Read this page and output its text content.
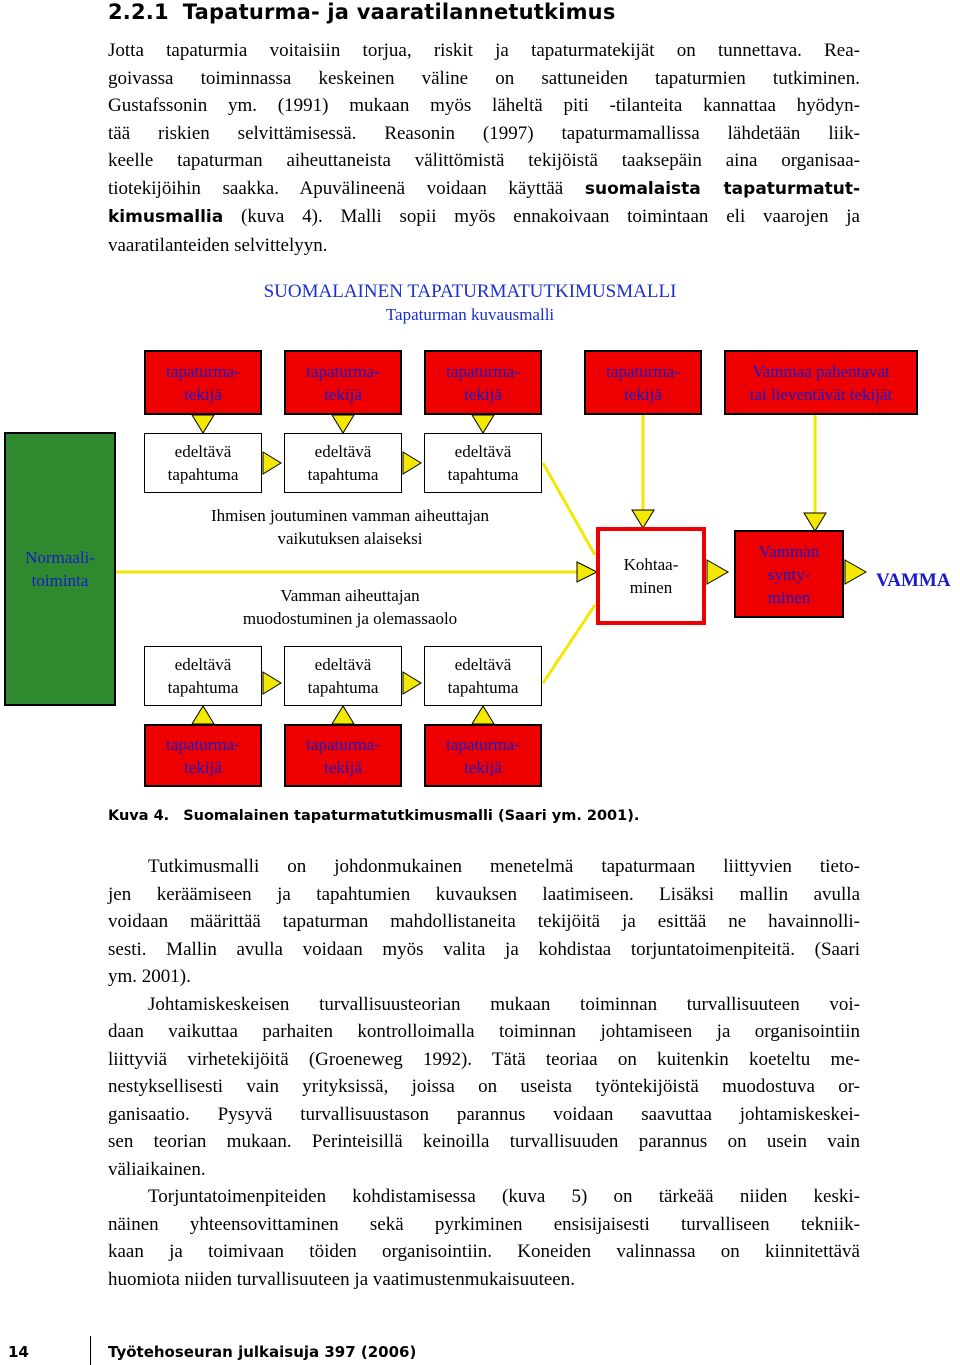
2.2.1 Tapaturma- ja vaaratilannetutkimus
Jotta tapaturmia voitaisiin torjua, riskit ja tapaturmatekijät on tunnettava. Rea-
goivassa toiminnassa keskeinen väline on sattuneiden tapaturmien tutkiminen.
Gustafssonin ym. (1991) mukaan myös läheltä piti -tilanteita kannattaa hyödyn-
tää riskien selvittämisessä. Reasonin (1997) tapaturmamallissa lähdetään liik-
keelle tapaturman aiheuttaneista välittömistä tekijöistä taaksepäin aina organisaa-
tiotekijöihin saakka. Apuvälineenä voidaan käyttää suomalaista tapaturmatut-
kimusmallia (kuva 4). Malli sopii myös ennakoivaan toimintaan eli vaarojen ja
vaaratilanteiden selvittelyyn.
SUOMALAINEN TAPATURMATUTKIMUSMALLI
Tapaturman kuvausmalli
tapaturma-
tekijä
tapaturma-
tekijä
tapaturma-
tekijä
tapaturma-
tekijä
Vammaa pahentavat
tai lieventävät tekijät
edeltävä
tapahtuma
edeltävä
tapahtuma
edeltävä
tapahtuma
Normaali-
toiminta
Ihmisen joutuminen vamman aiheuttajan
vaikutuksen alaiseksi
Vamman aiheuttajan
muodostuminen ja olemassaolo
Kohtaa-
minen
Vamman
synty-
minen
VAMMA
edeltävä
tapahtuma
edeltävä
tapahtuma
edeltävä
tapahtuma
tapaturma-
tekijä
tapaturma-
tekijä
tapaturma-
tekijä
Kuva 4. Suomalainen tapaturmatutkimusmalli (Saari ym. 2001).
Tutkimusmalli on johdonmukainen menetelmä tapaturmaan liittyvien tieto-
jen keräämiseen ja tapahtumien kuvauksen laatimiseen. Lisäksi mallin avulla
voidaan määrittää tapaturman mahdollistaneita tekijöitä ja esittää ne havainnolli-
sesti. Mallin avulla voidaan myös valita ja kohdistaa torjuntatoimenpiteitä. (Saari
ym. 2001).
Johtamiskeskeisen turvallisuusteorian mukaan toiminnan turvallisuuteen voi-
daan vaikuttaa parhaiten kontrolloimalla toiminnan johtamiseen ja organisointiin
liittyviä virhetekijöitä (Groeneweg 1992). Tätä teoriaa on kuitenkin koeteltu me-
nestyksellisesti vain yrityksissä, joissa on useista työntekijöistä muodostuva or-
ganisaatio. Pysyvä turvallisuustason parannus voidaan saavuttaa johtamiskeskei-
sen teorian mukaan. Perinteisillä keinoilla turvallisuuden parannus on usein vain
väliaikainen.
Torjuntatoimenpiteiden kohdistamisessa (kuva 5) on tärkeää niiden keski-
näinen yhteensovittaminen sekä pyrkiminen ensisijaisesti turvalliseen tekniik-
kaan ja toimivaan töiden organisointiin. Koneiden valinnassa on kiinnitettävä
huomiota niiden turvallisuuteen ja vaatimustenmukaisuuteen.
14	Työtehoseuran julkaisuja 397 (2006)
